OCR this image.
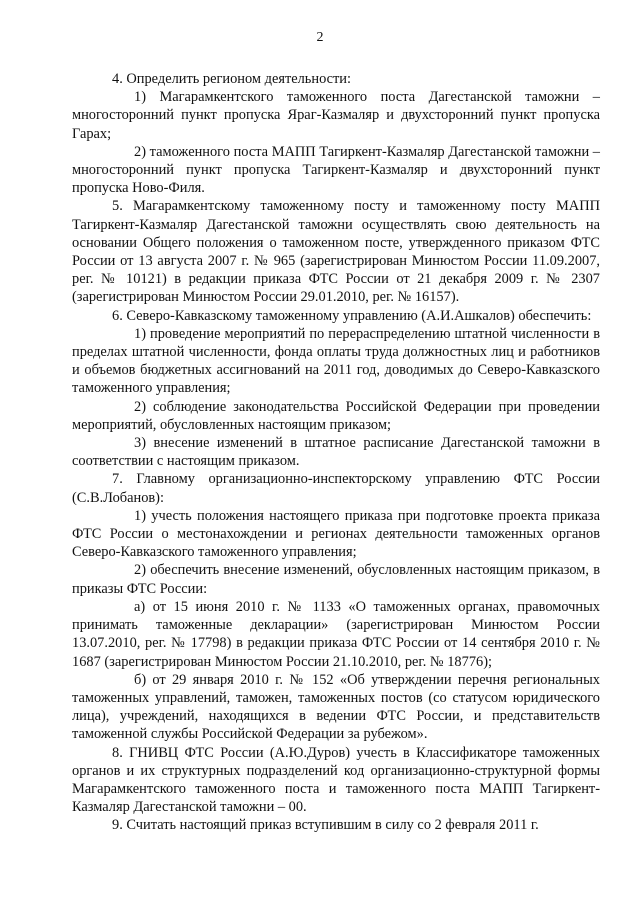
2

4. Определить регионом деятельности:

1) Магарамкентского таможенного поста Дагестанской таможни – многосторонний пункт пропуска Яраг-Казмаляр и двухсторонний пункт пропуска Гарах;

2) таможенного поста МАПП Тагиркент-Казмаляр Дагестанской таможни – многосторонний пункт пропуска Тагиркент-Казмаляр и двухсторонний пункт пропуска Ново-Филя.

5. Магарамкентскому таможенному посту и таможенному посту МАПП Тагиркент-Казмаляр Дагестанской таможни осуществлять свою деятельность на основании Общего положения о таможенном посте, утвержденного приказом ФТС России от 13 августа 2007 г. № 965 (зарегистрирован Минюстом России 11.09.2007, рег. № 10121) в редакции приказа ФТС России от 21 декабря 2009 г. № 2307 (зарегистрирован Минюстом России 29.01.2010, рег. № 16157).

6. Северо-Кавказскому таможенному управлению (А.И.Ашкалов) обеспечить:

1) проведение мероприятий по перераспределению штатной численности в пределах штатной численности, фонда оплаты труда должностных лиц и работников и объемов бюджетных ассигнований на 2011 год, доводимых до Северо-Кавказского таможенного управления;

2) соблюдение законодательства Российской Федерации при проведении мероприятий, обусловленных настоящим приказом;

3) внесение изменений в штатное расписание Дагестанской таможни в соответствии с настоящим приказом.

7. Главному организационно-инспекторскому управлению ФТС России (С.В.Лобанов):

1) учесть положения настоящего приказа при подготовке проекта приказа ФТС России о местонахождении и регионах деятельности таможенных органов Северо-Кавказского таможенного управления;

2) обеспечить внесение изменений, обусловленных настоящим приказом, в приказы ФТС России:

а) от 15 июня 2010 г. № 1133 «О таможенных органах, правомочных принимать таможенные декларации» (зарегистрирован Минюстом России 13.07.2010, рег. № 17798) в редакции приказа ФТС России от 14 сентября 2010 г. № 1687 (зарегистрирован Минюстом России 21.10.2010, рег. № 18776);

б) от 29 января 2010 г. № 152 «Об утверждении перечня региональных таможенных управлений, таможен, таможенных постов (со статусом юридического лица), учреждений, находящихся в ведении ФТС России, и представительств таможенной службы Российской Федерации за рубежом».

8. ГНИВЦ ФТС России (А.Ю.Дуров) учесть в Классификаторе таможенных органов и их структурных подразделений код организационно-структурной формы Магарамкентского таможенного поста и таможенного поста МАПП Тагиркент-Казмаляр Дагестанской таможни – 00.

9. Считать настоящий приказ вступившим в силу со 2 февраля 2011 г.
